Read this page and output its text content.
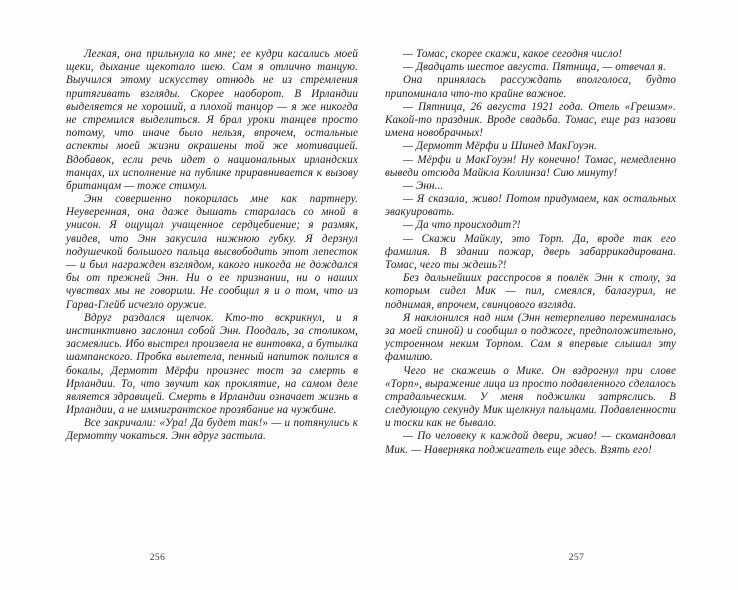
Легкая, она прильнула ко мне; ее кудри касались моей щеки, дыхание щекотало шею. Сам я отлично танцую. Выучился этому искусству отнюдь не из стремления притягивать взгляды. Скорее наоборот. В Ирландии выделяется не хороший, а плохой танцор — я же никогда не стремился выделиться. Я брал уроки танцев просто потому, что иначе было нельзя, впрочем, остальные аспекты моей жизни окрашены той же мотивацией. Вдобавок, если речь идет о национальных ирландских танцах, их исполнение на публике приравнивается к вызову британцам — тоже стимул.

Энн совершенно покорилась мне как партнеру. Неуверенная, она даже дышать старалась со мной в унисон. Я ощущал учащенное сердцебиение; я размяк, увидев, что Энн закусила нижнюю губку. Я дерзнул подушечкой большого пальца высвободить этот лепесток — и был награжден взглядом, какого никогда не дождался бы от прежней Энн. Ни о ее признании, ни о наших чувствах мы не говорили. Не сообщил я и о том, что из Гарва-Глейб исчезло оружие.

Вдруг раздался щелчок. Кто-то вскрикнул, и я инстинктивно заслонил собой Энн. Поодаль, за столиком, засмеялись. Ибо выстрел произвела не винтовка, а бутылка шампанского. Пробка вылетела, пенный напиток полился в бокалы, Дермотт Мёрфи произнес тост за смерть в Ирландии. То, что звучит как проклятие, на самом деле является здравицей. Смерть в Ирландии означает жизнь в Ирландии, а не иммигрантское прозябание на чужбине.

Все закричали: «Ура! Да будет так!» — и потянулись к Дермотту чокаться. Энн вдруг застыла.

256

— Томас, скорее скажи, какое сегодня число!

— Двадцать шестое августа. Пятница, — отвечал я.

Она принялась рассуждать вполголоса, будто припоминала что-то крайне важное.

— Пятница, 26 августа 1921 года. Отель «Грешэм». Какой-то праздник. Вроде свадьба. Томас, еще раз назови имена новобрачных!

— Дермотт Мёрфи и Шинед МакГоуэн.

— Мёрфи и МакГоуэн! Ну конечно! Томас, немедленно выведи отсюда Майкла Коллинза! Сию минуту!

— Энн...

— Я сказала, живо! Потом придумаем, как остальных эвакуировать.

— Да что происходит?!

— Скажи Майклу, это Торп. Да, вроде так его фамилия. В здании пожар, дверь забаррикадирована. Томас, чего ты ждешь?!

Без дальнейших расспросов я повлёк Энн к столу, за которым сидел Мик — пил, смеялся, балагурил, не поднимая, впрочем, свинцового взгляда.

Я наклонился над ним (Энн нетерпеливо переминалась за моей спиной) и сообщил о поджоге, предположительно, устроенном неким Торпом. Сам я впервые слышал эту фамилию.

Чего не скажешь о Мике. Он вздрогнул при слове «Торп», выражение лица из просто подавленного сделалось страдальческим. У меня поджилки затряслись. В следующую секунду Мик щелкнул пальцами. Подавленности и тоски как не бывало.

— По человеку к каждой двери, живо! — скомандовал Мик. — Наверняка поджигатель еще здесь. Взять его!

257
